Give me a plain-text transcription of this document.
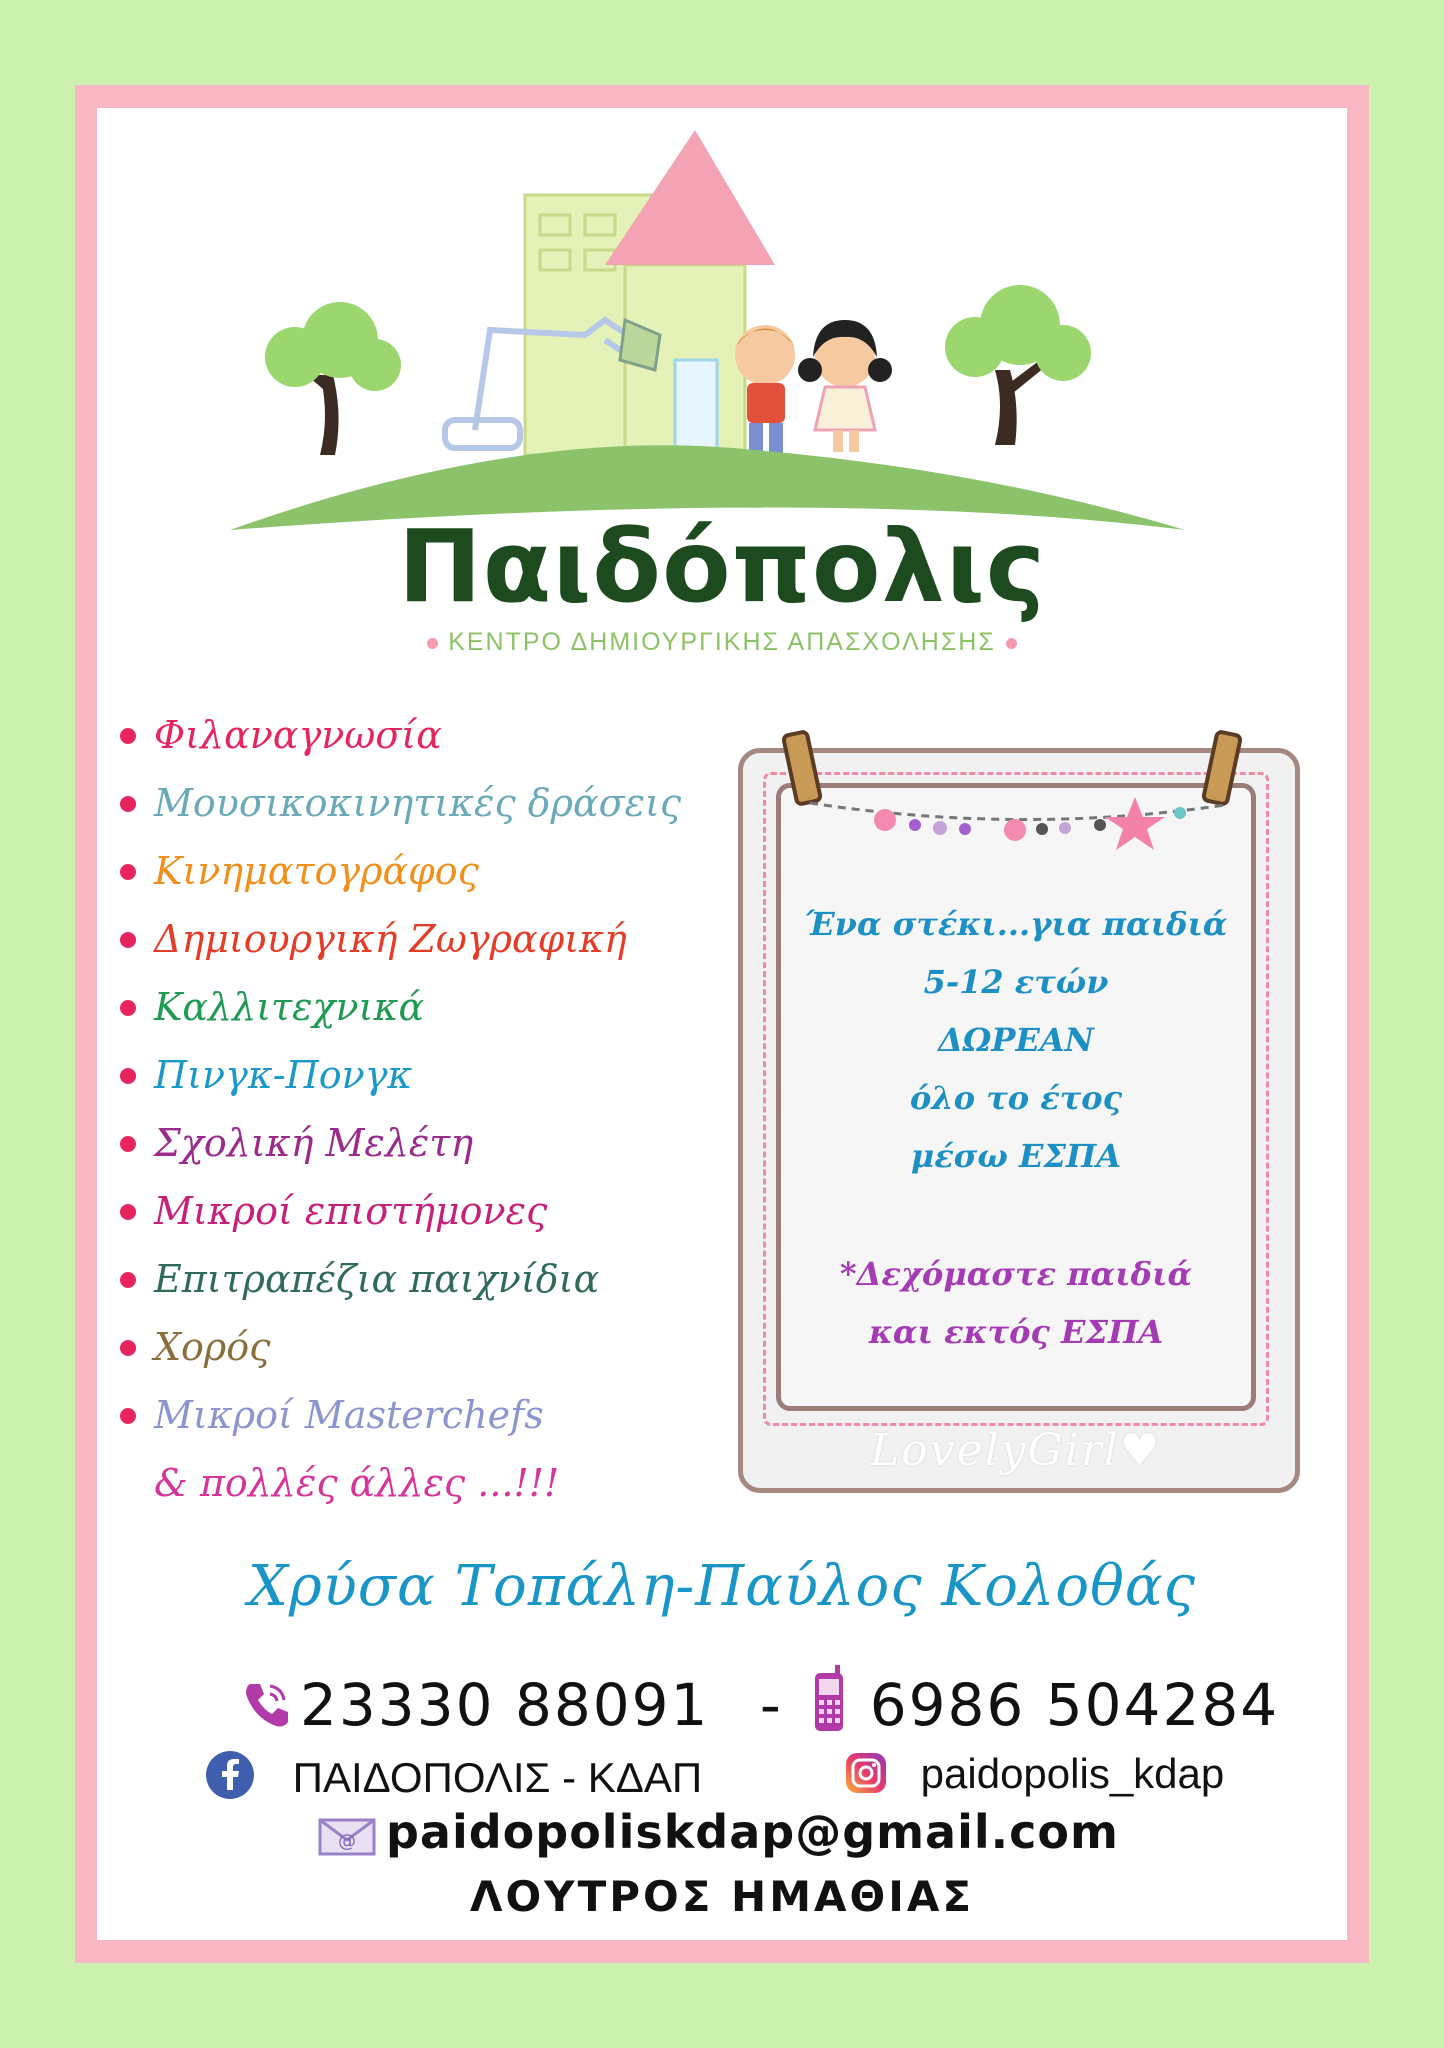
Παιδόπολις
ΚΕΝΤΡΟ ΔΗΜΙΟΥΡΓΙΚΗΣ ΑΠΑΣΧΟΛΗΣΗΣ
Φιλαναγνωσία
Μουσικοκινητικές δράσεις
Κινηματογράφος
Δημιουργική Ζωγραφική
Καλλιτεχνικά
Πινγκ-Πονγκ
Σχολική Μελέτη
Μικροί επιστήμονες
Επιτραπέζια παιχνίδια
Χορός
Μικροί Masterchefs
& πολλές άλλες ...!!!
Ένα στέκι...για παιδιά
5-12 ετών
ΔΩΡΕΑΝ
όλο το έτος
μέσω ΕΣΠΑ
*Δεχόμαστε παιδιά
και εκτός ΕΣΠΑ
LovelyGirl♥
Χρύσα Τοπάλη-Παύλος Κολοθάς
23330 88091 - 6986 504284
ΠΑΙΔΟΠΟΛΙΣ - ΚΔΑΠ	paidopolis_kdap
@ paidopoliskdap@gmail.com
ΛΟΥΤΡΟΣ ΗΜΑΘΙΑΣ
